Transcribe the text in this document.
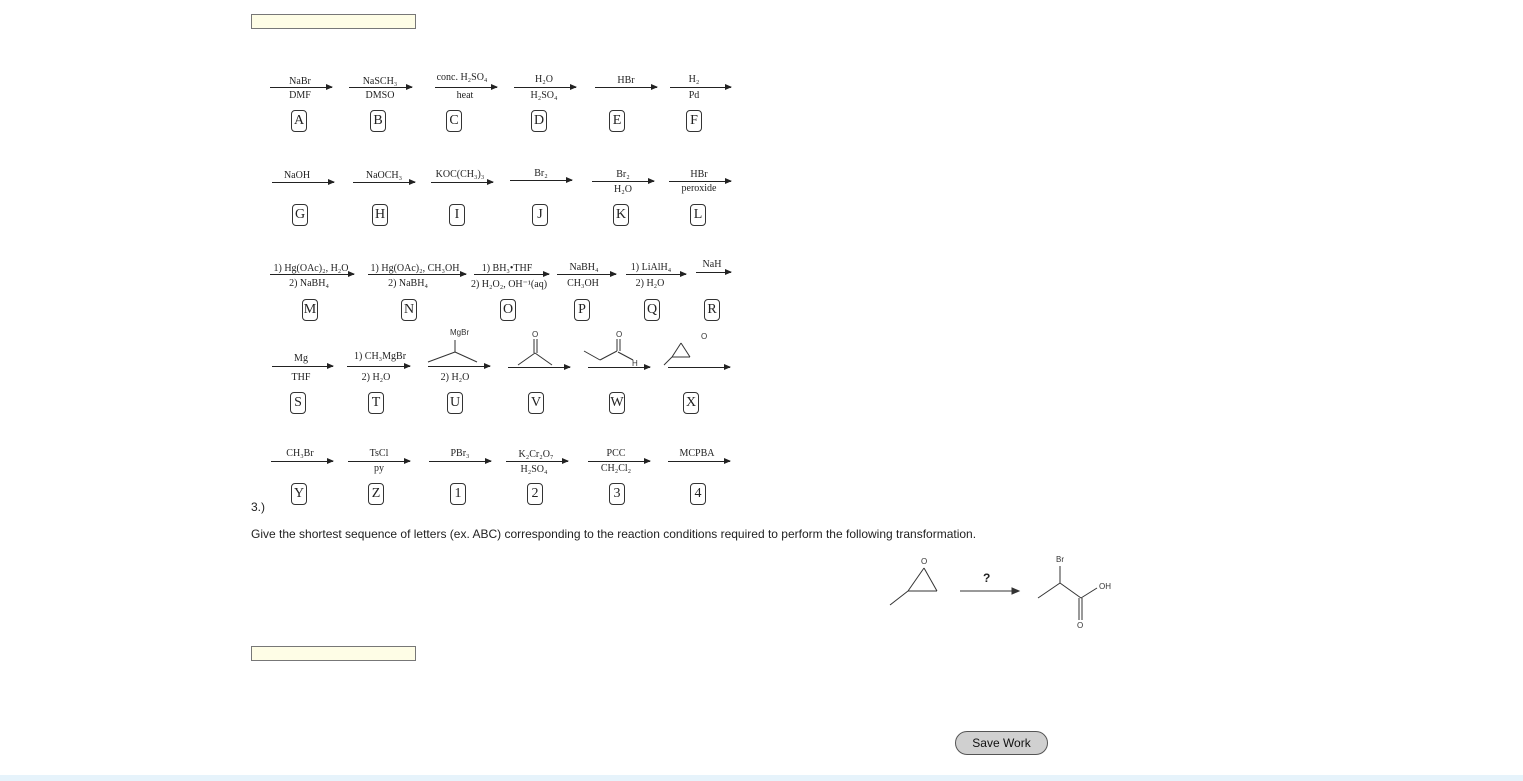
NaBr
DMF
A
NaSCH₃
DMSO
B
conc. H₂SO₄
heat
C
H₂O
H₂SO₄
D
HBr
E
H₂
Pd
F
NaOH
G
NaOCH₃
H
KOC(CH₃)₃
I
Br₂
J
Br₂
H₂O
K
HBr
peroxide
L
1) Hg(OAc)₂, H₂O
2) NaBH₄
M
1) Hg(OAc)₂, CH₃OH
2) NaBH₄
N
1) BH₃•THF
2) H₂O₂, OH⁻¹(aq)
O
NaBH₄
CH₃OH
P
1) LiAlH₄
2) H₂O
Q
NaH
R
Mg
THF
S
1) CH₃MgBr
2) H₂O
T
2) H₂O
U	V	W	X
MgBr	O	O
H
O
CH₃Br
Y
TsCl
py
Z
PBr₃
1
K₂Cr₂O₇
H₂SO₄
2
PCC
CH₂Cl₂
3
MCPBA
4
3.)
Give the shortest sequence of letters (ex. ABC) corresponding to the reaction conditions required to perform the following transformation.
O
?
Br
OH
O
Save Work
